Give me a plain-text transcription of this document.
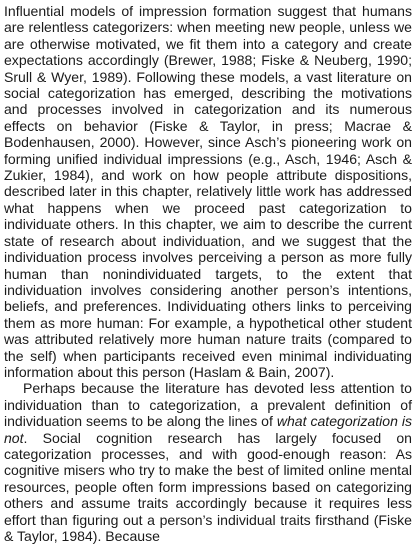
Influential models of impression formation suggest that humans are relentless categorizers: when meeting new people, unless we are otherwise motivated, we fit them into a category and create expectations accordingly (Brewer, 1988; Fiske & Neuberg, 1990; Srull & Wyer, 1989). Following these models, a vast literature on social categorization has emerged, describing the motivations and processes involved in categorization and its numerous effects on behavior (Fiske & Taylor, in press; Macrae & Bodenhausen, 2000). However, since Asch’s pioneering work on forming unified individual impressions (e.g., Asch, 1946; Asch & Zukier, 1984), and work on how people attribute dispositions, described later in this chapter, relatively little work has addressed what happens when we proceed past categorization to individuate others. In this chapter, we aim to describe the current state of research about individuation, and we suggest that the individuation process involves perceiving a person as more fully human than nonindividuated targets, to the extent that individuation involves considering another person’s intentions, beliefs, and preferences. Individuating others links to perceiving them as more human: For example, a hypothetical other student was attributed relatively more human nature traits (compared to the self) when participants received even minimal individuating information about this person (Haslam & Bain, 2007).

Perhaps because the literature has devoted less attention to individuation than to categorization, a prevalent definition of individuation seems to be along the lines of what categorization is not. Social cognition research has largely focused on categorization processes, and with good-enough reason: As cognitive misers who try to make the best of limited online mental resources, people often form impressions based on categorizing others and assume traits accordingly because it requires less effort than figuring out a person’s individual traits firsthand (Fiske & Taylor, 1984). Because
